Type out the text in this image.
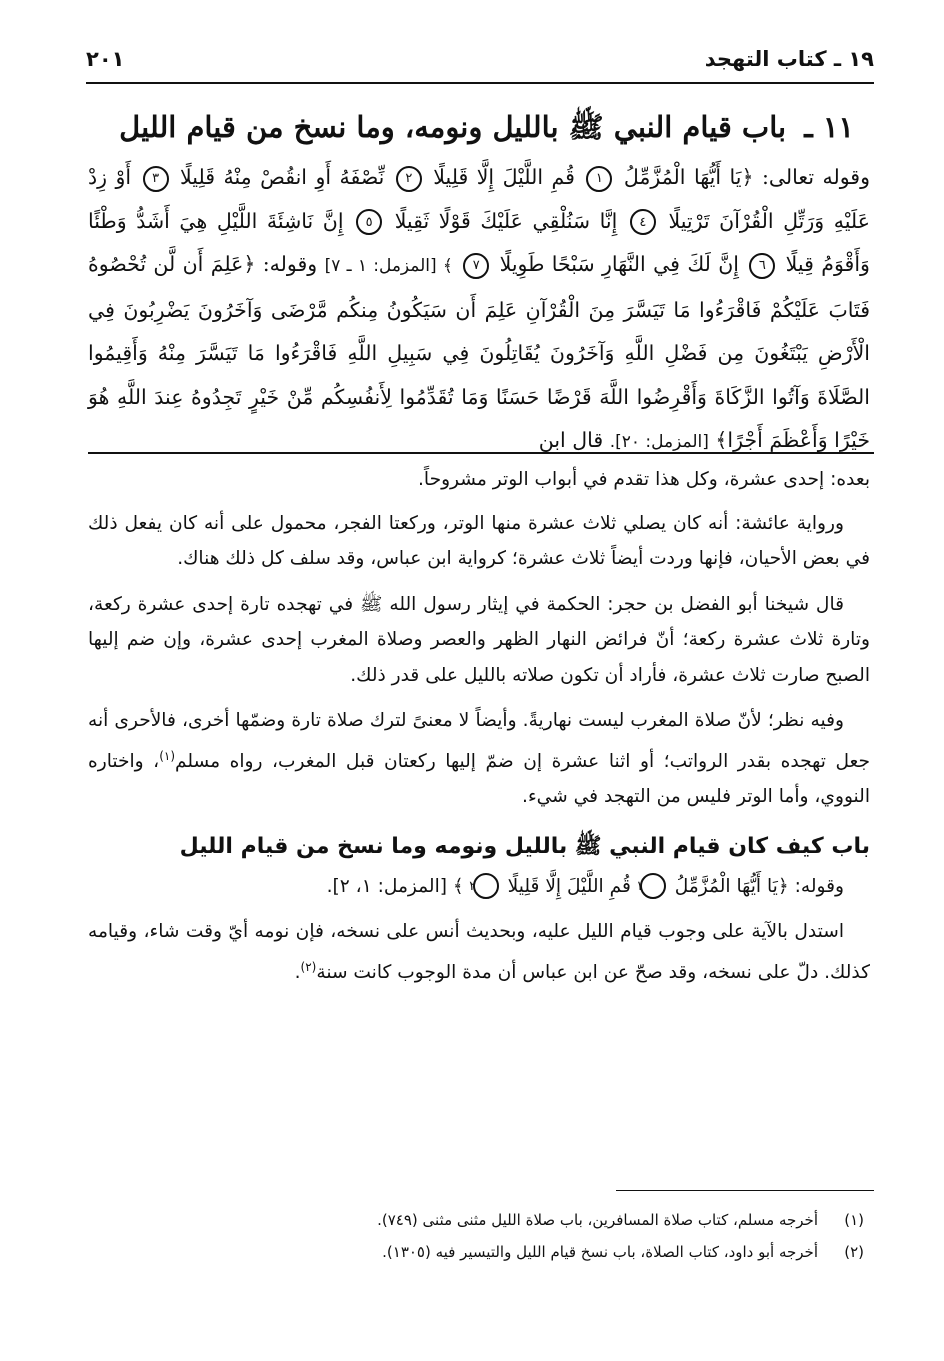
١٩ ـ كتاب التهجد
٢٠١
١١ ـ باب قيام النبي ﷺ بالليل ونومه، وما نسخ من قيام الليل
وقوله تعالى: ﴿يَا أَيُّهَا الْمُزَّمِّلُ ١ قُمِ اللَّيْلَ إِلَّا قَلِيلًا ٢ نِّصْفَهُ أَوِ انقُصْ مِنْهُ قَلِيلًا ٣ أَوْ زِدْ عَلَيْهِ وَرَتِّلِ الْقُرْآنَ تَرْتِيلًا ٤ إِنَّا سَنُلْقِي عَلَيْكَ قَوْلًا ثَقِيلًا ٥ إِنَّ نَاشِئَةَ اللَّيْلِ هِيَ أَشَدُّ وَطْئًا وَأَقْوَمُ قِيلًا ٦ إِنَّ لَكَ فِي النَّهَارِ سَبْحًا طَوِيلًا ٧ ﴾ [المزمل: ١ ـ ٧] وقوله: ﴿عَلِمَ أَن لَّن تُحْصُوهُ فَتَابَ عَلَيْكُمْ فَاقْرَءُوا مَا تَيَسَّرَ مِنَ الْقُرْآنِ عَلِمَ أَن سَيَكُونُ مِنكُم مَّرْضَى وَآخَرُونَ يَضْرِبُونَ فِي الْأَرْضِ يَبْتَغُونَ مِن فَضْلِ اللَّهِ وَآخَرُونَ يُقَاتِلُونَ فِي سَبِيلِ اللَّهِ فَاقْرَءُوا مَا تَيَسَّرَ مِنْهُ وَأَقِيمُوا الصَّلَاةَ وَآتُوا الزَّكَاةَ وَأَقْرِضُوا اللَّهَ قَرْضًا حَسَنًا وَمَا تُقَدِّمُوا لِأَنفُسِكُم مِّنْ خَيْرٍ تَجِدُوهُ عِندَ اللَّهِ هُوَ خَيْرًا وَأَعْظَمَ أَجْرًا﴾ [المزمل: ٢٠]. قال ابن

بعده: إحدى عشرة، وكل هذا تقدم في أبواب الوتر مشروحاً.

ورواية عائشة: أنه كان يصلي ثلاث عشرة منها الوتر، وركعتا الفجر، محمول على أنه كان يفعل ذلك في بعض الأحيان، فإنها وردت أيضاً ثلاث عشرة؛ كرواية ابن عباس، وقد سلف كل ذلك هناك.

قال شيخنا أبو الفضل بن حجر: الحكمة في إيثار رسول الله ﷺ في تهجده تارة إحدى عشرة ركعة، وتارة ثلاث عشرة ركعة؛ أنّ فرائض النهار الظهر والعصر وصلاة المغرب إحدى عشرة، وإن ضم إليها الصبح صارت ثلاث عشرة، فأراد أن تكون صلاته بالليل على قدر ذلك.

وفيه نظر؛ لأنّ صلاة المغرب ليست نهاريةً. وأيضاً لا معنىً لترك صلاة تارة وضمّها أخرى، فالأحرى أنه جعل تهجده بقدر الرواتب؛ أو اثنا عشرة إن ضمّ إليها ركعتان قبل المغرب، رواه مسلم$^{(١)}$، واختاره النووي، وأما الوتر فليس من التهجد في شيء.

باب كيف كان قيام النبي ﷺ بالليل ونومه وما نسخ من قيام الليل

وقوله: ﴿يَا أَيُّهَا الْمُزَّمِّلُ ١ قُمِ اللَّيْلَ إِلَّا قَلِيلًا ٢ ﴾ [المزمل: ١، ٢].

استدل بالآية على وجوب قيام الليل عليه، وبحديث أنس على نسخه، فإن نومه أيّ وقت شاء، وقيامه كذلك. دلّ على نسخه، وقد صحّ عن ابن عباس أن مدة الوجوب كانت سنة$^{(٢)}$.

(١)
أخرجه مسلم، كتاب صلاة المسافرين، باب صلاة الليل مثنى مثنى (٧٤٩).
(٢)
أخرجه أبو داود، كتاب الصلاة، باب نسخ قيام الليل والتيسير فيه (١٣٠٥).
